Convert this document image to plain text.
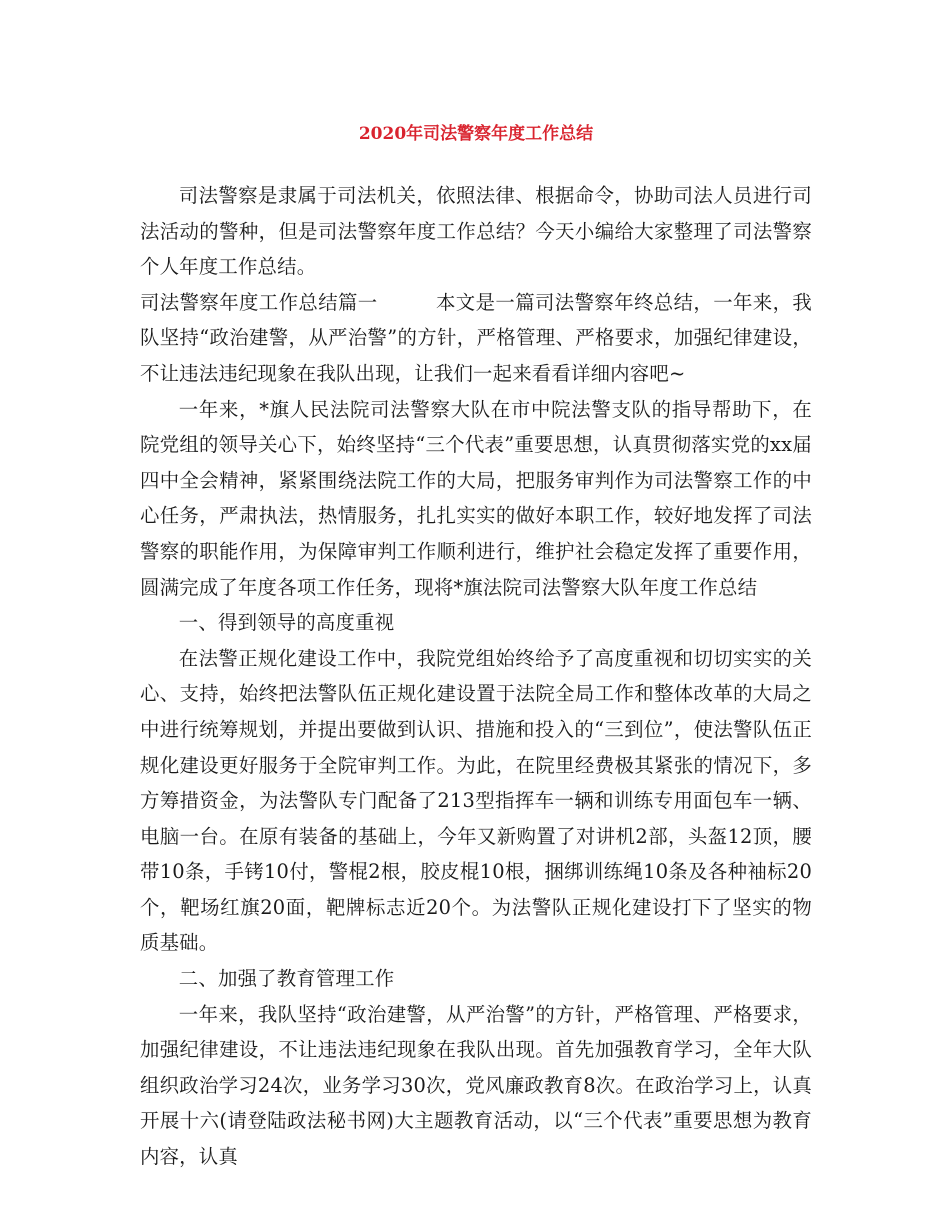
2020年司法警察年度工作总结

司法警察是隶属于司法机关，依照法律、根据命令，协助司法人员进行司法活动的警种，但是司法警察年度工作总结？今天小编给大家整理了司法警察个人年度工作总结。

司法警察年度工作总结篇一	本文是一篇司法警察年终总结，一年来，我队坚持“政治建警，从严治警”的方针，严格管理、严格要求，加强纪律建设，不让违法违纪现象在我队出现，让我们一起来看看详细内容吧~

一年来，*旗人民法院司法警察大队在市中院法警支队的指导帮助下，在院党组的领导关心下，始终坚持“三个代表”重要思想，认真贯彻落实党的xx届四中全会精神，紧紧围绕法院工作的大局，把服务审判作为司法警察工作的中心任务，严肃执法，热情服务，扎扎实实的做好本职工作，较好地发挥了司法警察的职能作用，为保障审判工作顺利进行，维护社会稳定发挥了重要作用，圆满完成了年度各项工作任务，现将*旗法院司法警察大队年度工作总结

一、得到领导的高度重视

在法警正规化建设工作中，我院党组始终给予了高度重视和切切实实的关心、支持，始终把法警队伍正规化建设置于法院全局工作和整体改革的大局之中进行统筹规划，并提出要做到认识、措施和投入的“三到位”，使法警队伍正规化建设更好服务于全院审判工作。为此，在院里经费极其紧张的情况下，多方筹措资金，为法警队专门配备了213型指挥车一辆和训练专用面包车一辆、电脑一台。在原有装备的基础上，今年又新购置了对讲机2部，头盔12顶，腰带10条，手铐10付，警棍2根，胶皮棍10根，捆绑训练绳10条及各种袖标20个，靶场红旗20面，靶牌标志近20个。为法警队正规化建设打下了坚实的物质基础。

二、加强了教育管理工作

一年来，我队坚持“政治建警，从严治警”的方针，严格管理、严格要求，加强纪律建设，不让违法违纪现象在我队出现。首先加强教育学习，全年大队组织政治学习24次，业务学习30次，党风廉政教育8次。在政治学习上，认真开展十六(请登陆政法秘书网)大主题教育活动，以“三个代表”重要思想为教育内容，认真
